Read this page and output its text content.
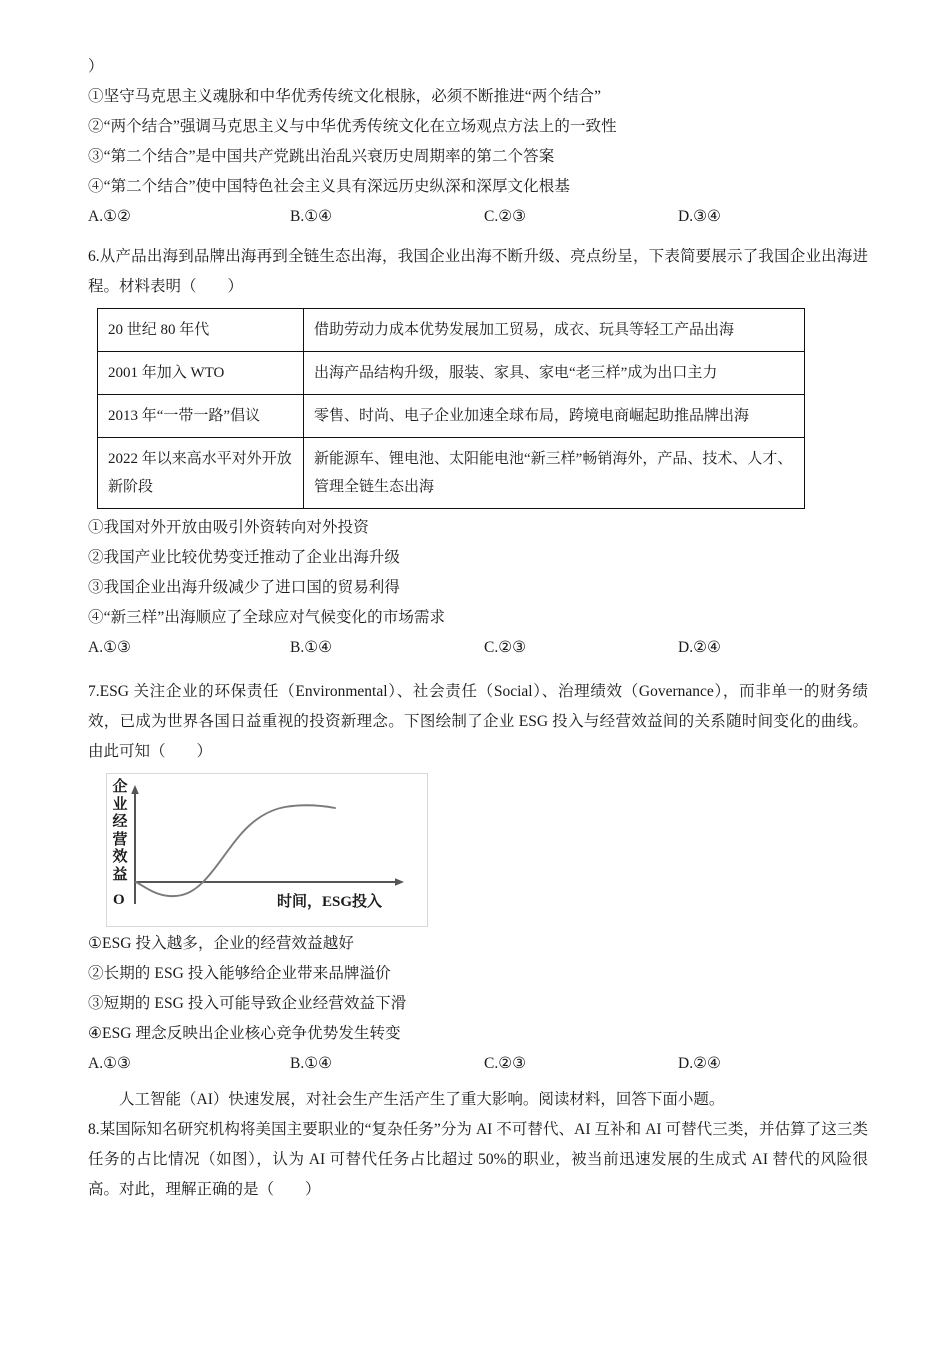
）
①坚守马克思主义魂脉和中华优秀传统文化根脉，必须不断推进“两个结合”
②“两个结合”强调马克思主义与中华优秀传统文化在立场观点方法上的一致性
③“第二个结合”是中国共产党跳出治乱兴衰历史周期率的第二个答案
④“第二个结合”使中国特色社会主义具有深远历史纵深和深厚文化根基
A.①②	B.①④	C.②③	D.③④
6.从产品出海到品牌出海再到全链生态出海，我国企业出海不断升级、亮点纷呈，下表简要展示了我国企业出海进程。材料表明（　　）
20 世纪 80 年代	借助劳动力成本优势发展加工贸易，成衣、玩具等轻工产品出海
2001 年加入 WTO	出海产品结构升级，服装、家具、家电“老三样”成为出口主力
2013 年“一带一路”倡议	零售、时尚、电子企业加速全球布局，跨境电商崛起助推品牌出海
2022 年以来高水平对外开放新阶段	新能源车、锂电池、太阳能电池“新三样”畅销海外，产品、技术、人才、管理全链生态出海
①我国对外开放由吸引外资转向对外投资
②我国产业比较优势变迁推动了企业出海升级
③我国企业出海升级减少了进口国的贸易利得
④“新三样”出海顺应了全球应对气候变化的市场需求
A.①③	B.①④	C.②③	D.②④
7.ESG 关注企业的环保责任（Environmental）、社会责任（Social）、治理绩效（Governance），而非单一的财务绩效，已成为世界各国日益重视的投资新理念。下图绘制了企业 ESG 投入与经营效益间的关系随时间变化的曲线。由此可知（　　）
企
业
经
营
效
益
O	时间，ESG投入
①ESG 投入越多，企业的经营效益越好
②长期的 ESG 投入能够给企业带来品牌溢价
③短期的 ESG 投入可能导致企业经营效益下滑
④ESG 理念反映出企业核心竞争优势发生转变
A.①③	B.①④	C.②③	D.②④
人工智能（AI）快速发展，对社会生产生活产生了重大影响。阅读材料，回答下面小题。
8.某国际知名研究机构将美国主要职业的“复杂任务”分为 AI 不可替代、AI 互补和 AI 可替代三类，并估算了这三类任务的占比情况（如图），认为 AI 可替代任务占比超过 50%的职业，被当前迅速发展的生成式 AI 替代的风险很高。对此，理解正确的是（　　）
